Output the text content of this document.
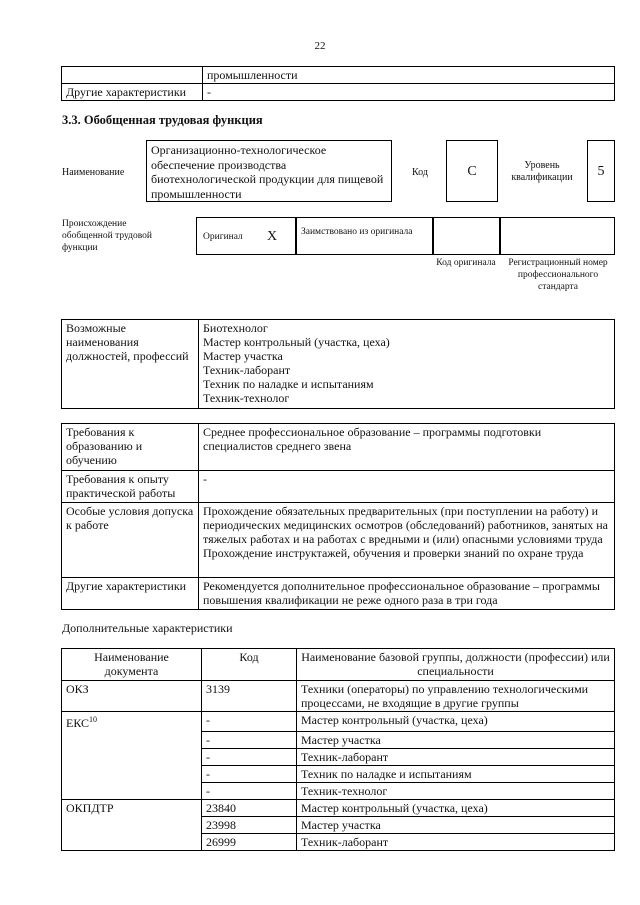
22
	промышленности
Другие характеристики	-
3.3. Обобщенная трудовая функция
Наименование
Организационно-технологическое обеспечение производства биотехнологической продукции для пищевой промышленности
Код	C	Уровень квалификации	5
Происхождение обобщенной трудовой функции
Оригинал X	Заимствовано из оригинала
Код оригинала	Регистрационный номер профессионального стандарта
Возможные наименования должностей, профессий	
Биотехнолог
Мастер контрольный (участка, цеха)
Мастер участка
Техник-лаборант
Техник по наладке и испытаниям
Техник-технолог
Требования к образованию и обучению	Среднее профессиональное образование – программы подготовки специалистов среднего звена
Требования к опыту практической работы	-
Особые условия допуска к работе	Прохождение обязательных предварительных (при поступлении на работу) и периодических медицинских осмотров (обследований) работников, занятых на тяжелых работах и на работах с вредными и (или) опасными условиями труда
Прохождение инструктажей, обучения и проверки знаний по охране труда

Другие характеристики	Рекомендуется дополнительное профессиональное образование – программы повышения квалификации не реже одного раза в три года
Дополнительные характеристики
Наименование документа	Код	Наименование базовой группы, должности (профессии) или специальности
ОКЗ	3139	Техники (операторы) по управлению технологическими процессами, не входящие в другие группы
ЕКС$^{10}$	-	Мастер контрольный (участка, цеха)
	-	Мастер участка
	-	Техник-лаборант
	-	Техник по наладке и испытаниям
	-	Техник-технолог
ОКПДТР	23840	Мастер контрольный (участка, цеха)
	23998	Мастер участка
	26999	Техник-лаборант
